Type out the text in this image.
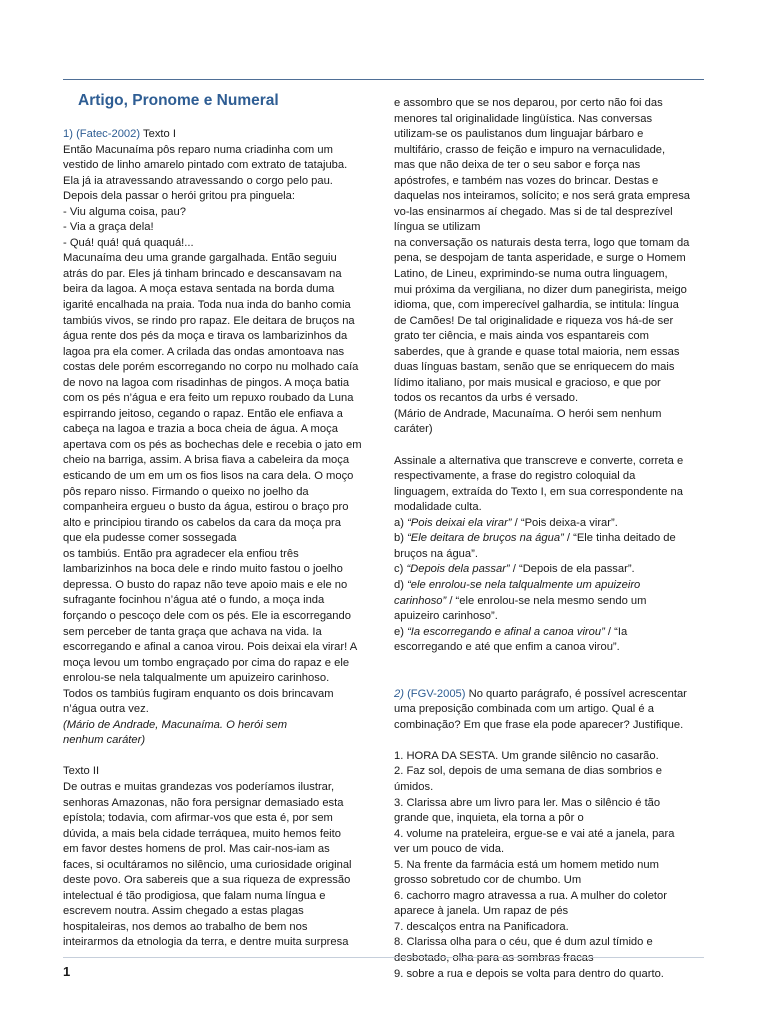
Artigo, Pronome e Numeral

1) (Fatec-2002) Texto I

Então Macunaíma pôs reparo numa criadinha com um

vestido de linho amarelo pintado com extrato de tatajuba.

Ela já ia atravessando atravessando o corgo pelo pau.

Depois dela passar o herói gritou pra pinguela:

- Viu alguma coisa, pau?

- Via a graça dela!

- Quá! quá! quá quaquá!...

Macunaíma deu uma grande gargalhada. Então seguiu

atrás do par. Eles já tinham brincado e descansavam na

beira da lagoa. A moça estava sentada na borda duma

igarité encalhada na praia. Toda nua inda do banho comia

tambiús vivos, se rindo pro rapaz. Ele deitara de bruços na

água rente dos pés da moça e tirava os lambarizinhos da

lagoa pra ela comer. A crilada das ondas amontoava nas

costas dele porém escorregando no corpo nu molhado caía

de novo na lagoa com risadinhas de pingos. A moça batia

com os pés n’água e era feito um repuxo roubado da Luna

espirrando jeitoso, cegando o rapaz. Então ele enfiava a

cabeça na lagoa e trazia a boca cheia de água. A moça

apertava com os pés as bochechas dele e recebia o jato em

cheio na barriga, assim. A brisa fiava a cabeleira da moça

esticando de um em um os fios lisos na cara dela. O moço

pôs reparo nisso. Firmando o queixo no joelho da

companheira ergueu o busto da água, estirou o braço pro

alto e principiou tirando os cabelos da cara da moça pra

que ela pudesse comer sossegada

os tambiús. Então pra agradecer ela enfiou três

lambarizinhos na boca dele e rindo muito fastou o joelho

depressa. O busto do rapaz não teve apoio mais e ele no

sufragante focinhou n’água até o fundo, a moça inda

forçando o pescoço dele com os pés. Ele ia escorregando

sem perceber de tanta graça que achava na vida. Ia

escorregando e afinal a canoa virou. Pois deixai ela virar! A

moça levou um tombo engraçado por cima do rapaz e ele

enrolou-se nela talqualmente um apuizeiro carinhoso.

Todos os tambiús fugiram enquanto os dois brincavam

n’água outra vez.

(Mário de Andrade, Macunaíma. O herói sem

nenhum caráter)

Texto II

De outras e muitas grandezas vos poderíamos ilustrar,

senhoras Amazonas, não fora persignar demasiado esta

epístola; todavia, com afirmar-vos que esta é, por sem

dúvida, a mais bela cidade terráquea, muito hemos feito

em favor destes homens de prol. Mas cair-nos-iam as

faces, si ocultáramos no silêncio, uma curiosidade original

deste povo. Ora sabereis que a sua riqueza de expressão

intelectual é tão prodigiosa, que falam numa língua e

escrevem noutra. Assim chegado a estas plagas

hospitaleiras, nos demos ao trabalho de bem nos

inteirarmos da etnologia da terra, e dentre muita surpresa

e assombro que se nos deparou, por certo não foi das

menores tal originalidade lingüística. Nas conversas

utilizam-se os paulistanos dum linguajar bárbaro e

multifário, crasso de feição e impuro na vernaculidade,

mas que não deixa de ter o seu sabor e força nas

apóstrofes, e também nas vozes do brincar. Destas e

daquelas nos inteiramos, solícito; e nos será grata empresa

vo-las ensinarmos aí chegado. Mas si de tal desprezível

língua se utilizam

na conversação os naturais desta terra, logo que tomam da

pena, se despojam de tanta asperidade, e surge o Homem

Latino, de Lineu, exprimindo-se numa outra linguagem,

mui próxima da vergiliana, no dizer dum panegirista, meigo

idioma, que, com imperecível galhardia, se intitula: língua

de Camões! De tal originalidade e riqueza vos há-de ser

grato ter ciência, e mais ainda vos espantareis com

saberdes, que à grande e quase total maioria, nem essas

duas línguas bastam, senão que se enriquecem do mais

lídimo italiano, por mais musical e gracioso, e que por

todos os recantos da urbs é versado.

(Mário de Andrade, Macunaíma. O herói sem nenhum

caráter)

Assinale a alternativa que transcreve e converte, correta e

respectivamente, a frase do registro coloquial da

linguagem, extraída do Texto I, em sua correspondente na

modalidade culta.

a) “Pois deixai ela virar” / “Pois deixa-a virar”.

b) “Ele deitara de bruços na água” / “Ele tinha deitado de

bruços na água”.

c) “Depois dela passar” / “Depois de ela passar”.

d) “ele enrolou-se nela talqualmente um apuizeiro

carinhoso” / “ele enrolou-se nela mesmo sendo um

apuizeiro carinhoso”.

e) “Ia escorregando e afinal a canoa virou” / “Ia

escorregando e até que enfim a canoa virou”.

2) (FGV-2005) No quarto parágrafo, é possível acrescentar

uma preposição combinada com um artigo. Qual é a

combinação? Em que frase ela pode aparecer? Justifique.

1. HORA DA SESTA. Um grande silêncio no casarão.

2. Faz sol, depois de uma semana de dias sombrios e

úmidos.

3. Clarissa abre um livro para ler. Mas o silêncio é tão

grande que, inquieta, ela torna a pôr o

4. volume na prateleira, ergue-se e vai até a janela, para

ver um pouco de vida.

5. Na frente da farmácia está um homem metido num

grosso sobretudo cor de chumbo. Um

6. cachorro magro atravessa a rua. A mulher do coletor

aparece à janela. Um rapaz de pés

7. descalços entra na Panificadora.

8. Clarissa olha para o céu, que é dum azul tímido e

desbotado, olha para as sombras fracas

9. sobre a rua e depois se volta para dentro do quarto.

1
